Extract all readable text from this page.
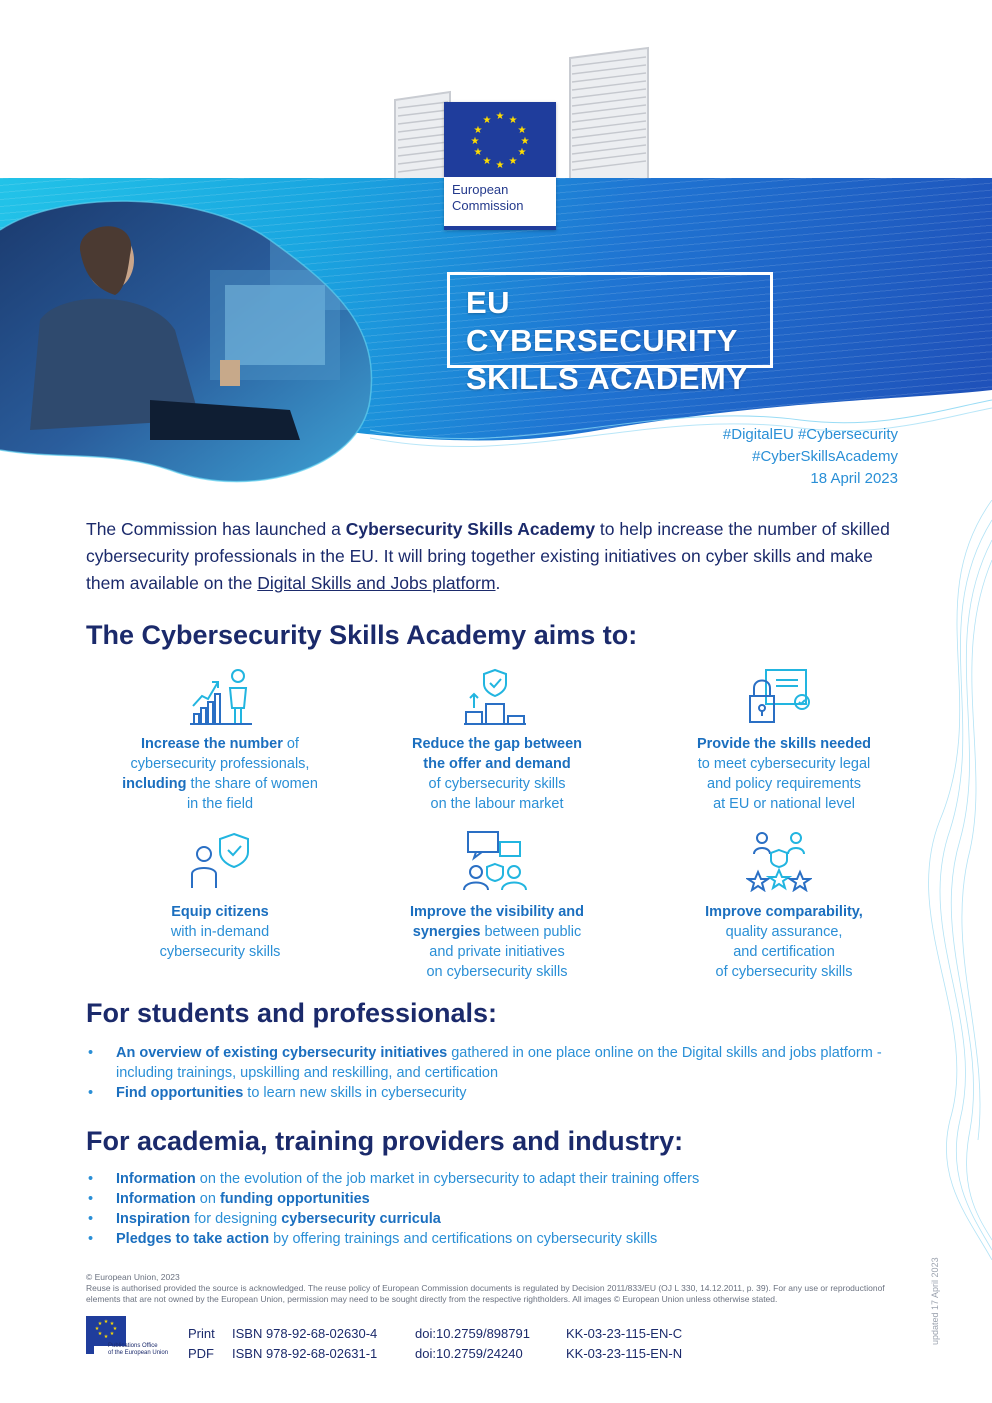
★ ★
★
★
★
★
★
★
★
★
★
★
European
Commission
EU CYBERSECURITY
SKILLS ACADEMY
#DigitalEU #Cybersecurity
#CyberSkillsAcademy
18 April 2023

The Commission has launched a Cybersecurity Skills Academy to help increase the number of skilled cybersecurity professionals in the EU. It will bring together existing initiatives on cyber skills and make them available on the Digital Skills and Jobs platform.

The Cybersecurity Skills Academy aims to:
Increase the number of
cybersecurity professionals,
including the share of women
in the field
Reduce the gap between
the offer and demand
of cybersecurity skills
on the labour market
Provide the skills needed
to meet cybersecurity legal
and policy requirements
at EU or national level
Equip citizens
with in-demand
cybersecurity skills
Improve the visibility and
synergies between public
and private initiatives
on cybersecurity skills
Improve comparability,
quality assurance,
and certification
of cybersecurity skills
For students and professionals:
• An overview of existing cybersecurity initiatives gathered in one place online on the Digital skills and jobs platform - including trainings, upskilling and reskilling, and certification
• Find opportunities to learn new skills in cybersecurity
For academia, training providers and industry:
• Information on the evolution of the job market in cybersecurity to adapt their training offers
• Information on funding opportunities
• Inspiration for designing cybersecurity curricula
• Pledges to take action by offering trainings and certifications on cybersecurity skills
© European Union, 2023
Reuse is authorised provided the source is acknowledged. The reuse policy of European Commission documents is regulated by Decision 2011/833/EU (OJ L 330, 14.12.2011, p. 39). For any use or reproductionof elements that are not owned by the European Union, permission may need to be sought directly from the respective rightholders. All images © European Union unless otherwise stated.
★ ★
★
★
★
★
★
★
Publications Office
of the European Union
Print ISBN 978-92-68-02630-4	doi:10.2759/898791	KK-03-23-115-EN-C
PDF ISBN 978-92-68-02631-1	doi:10.2759/24240	KK-03-23-115-EN-N
updated 17 April 2023
